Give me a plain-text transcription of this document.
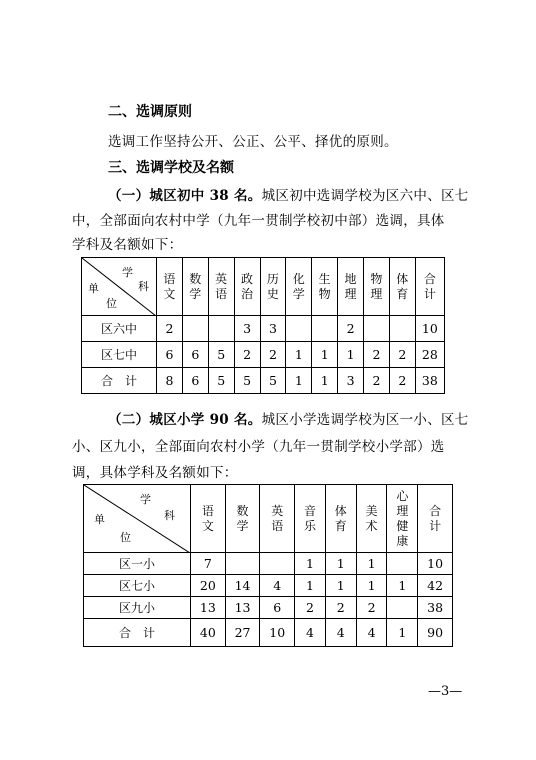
二、选调原则
选调工作坚持公开、公正、公平、择优的原则。
三、选调学校及名额
（一）城区初中 38 名。城区初中选调学校为区六中、区七
中，全部面向农村中学（九年一贯制学校初中部）选调，具体
学科及名额如下：
学
科
单
位	语文	数学	英语	政治	历史	化学	生物	地理	物理	体育	合计
区六中	2			3	3			2			10
区七中	6	6	5	2	2	1	1	1	2	2	28
合　计	8	6	5	5	5	1	1	3	2	2	38
（二）城区小学 90 名。城区小学选调学校为区一小、区七
小、区九小，全部面向农村小学（九年一贯制学校小学部）选
调，具体学科及名额如下：
学
科
单
位	语文	数学	英语	音乐	体育	美术	心理健康	合计
区一小	7			1	1	1		10
区七小	20	14	4	1	1	1	1	42
区九小	13	13	6	2	2	2		38
合　计	40	27	10	4	4	4	1	90
—3—
